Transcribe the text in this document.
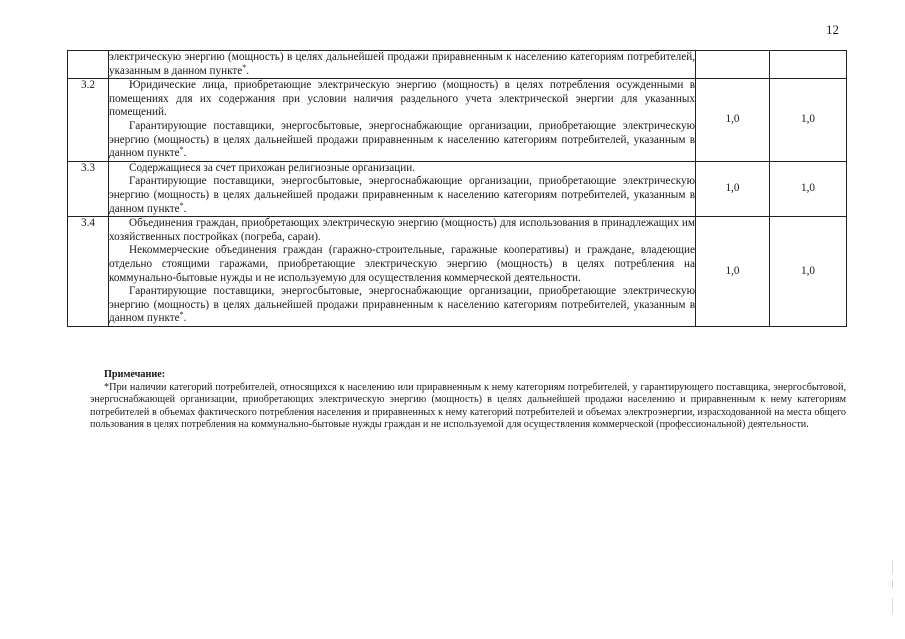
12

	электрическую энергию (мощность) в целях дальнейшей продажи приравненным к населению категориям потребителей, указанным в данном пункте*.		

3.2	Юридические лица, приобретающие электрическую энергию (мощность) в целях потребления осужденными в помещениях для их содержания при условии наличия раздельного учета электрической энергии для указанных помещений.

Гарантирующие поставщики, энергосбытовые, энергоснабжающие организации, приобретающие электрическую энергию (мощность) в целях дальнейшей продажи приравненным к населению категориям потребителей, указанным в данном пункте*.	1,0	1,0
3.3	Содержащиеся за счет прихожан религиозные организации.

Гарантирующие поставщики, энергосбытовые, энергоснабжающие организации, приобретающие электрическую энергию (мощность) в целях дальнейшей продажи приравненным к населению категориям потребителей, указанным в данном пункте*.	1,0	1,0
3.4	Объединения граждан, приобретающих электрическую энергию (мощность) для использования в принадлежащих им хозяйственных постройках (погреба, сараи).

Некоммерческие объединения граждан (гаражно-строительные, гаражные кооперативы) и граждане, владеющие отдельно стоящими гаражами, приобретающие электрическую энергию (мощность) в целях потребления на коммунально-бытовые нужды и не используемую для осуществления коммерческой деятельности.

Гарантирующие поставщики, энергосбытовые, энергоснабжающие организации, приобретающие электрическую энергию (мощность) в целях дальнейшей продажи приравненным к населению категориям потребителей, указанным в данном пункте*.	1,0	1,0
Примечание:

*При наличии категорий потребителей, относящихся к населению или приравненным к нему категориям потребителей, у гарантирующего поставщика, энергосбытовой, энергоснабжающей организации, приобретающих электрическую энергию (мощность) в целях дальнейшей продажи населению и приравненным к нему категориям потребителей в объемах фактического потребления населения и приравненных к нему категорий потребителей и объемах электроэнергии, израсходованной на места общего пользования в целях потребления на коммунально-бытовые нужды граждан и не используемой для осуществления коммерческой (профессиональной) деятельности.
